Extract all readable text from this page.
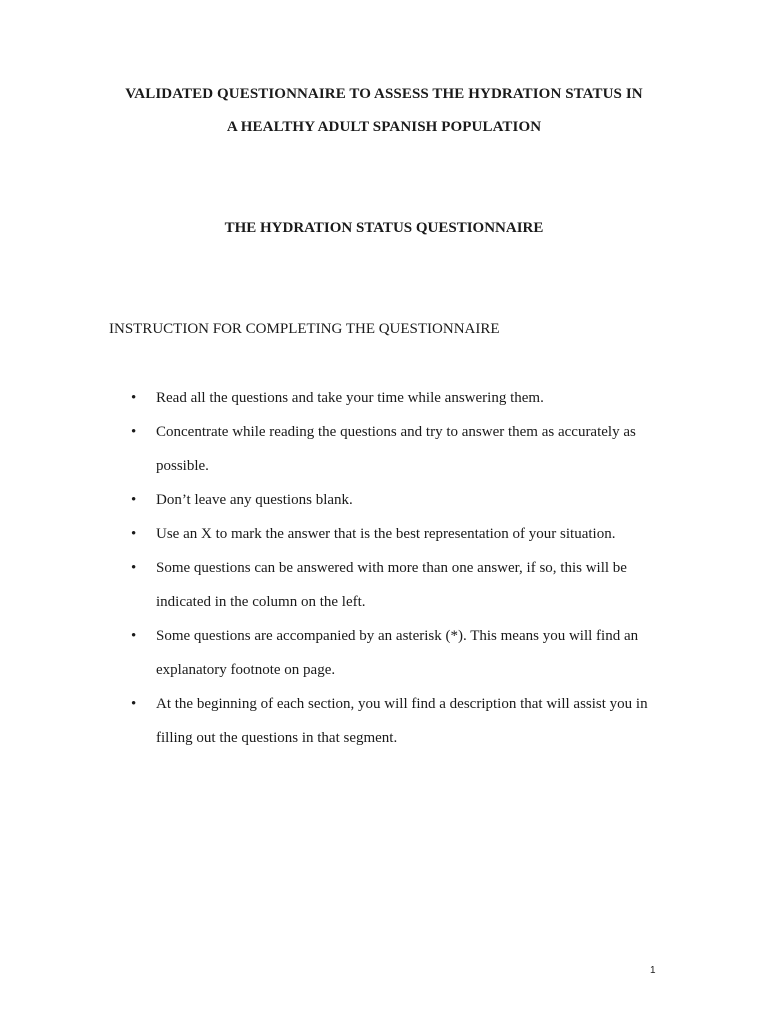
VALIDATED QUESTIONNAIRE TO ASSESS THE HYDRATION STATUS IN
A HEALTHY ADULT SPANISH POPULATION
THE HYDRATION STATUS QUESTIONNAIRE
INSTRUCTION FOR COMPLETING THE QUESTIONNAIRE
• Read all the questions and take your time while answering them.
• Concentrate while reading the questions and try to answer them as accurately as possible.
• Don’t leave any questions blank.
• Use an X to mark the answer that is the best representation of your situation.
• Some questions can be answered with more than one answer, if so, this will be indicated in the column on the left.
• Some questions are accompanied by an asterisk (*). This means you will find an explanatory footnote on page.
• At the beginning of each section, you will find a description that will assist you in filling out the questions in that segment.
1
